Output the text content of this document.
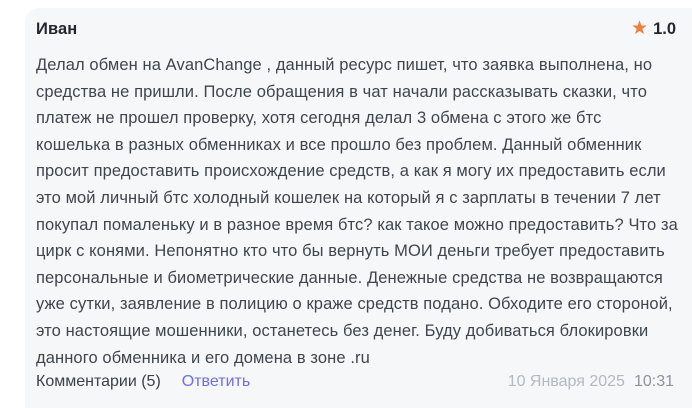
Иван	★ 1.0
Делал обмен на AvanChange , данный ресурс пишет, что заявка выполнена, но средства не пришли. После обращения в чат начали рассказывать сказки, что платеж не прошел проверку, хотя сегодня делал 3 обмена с этого же бтс кошелька в разных обменниках и все прошло без проблем. Данный обменник просит предоставить происхождение средств, а как я могу их предоставить если это мой личный бтс холодный кошелек на который я с зарплаты в течении 7 лет покупал помаленьку и в разное время бтс? как такое можно предоставить? Что за цирк с конями. Непонятно кто что бы вернуть МОИ деньги требует предоставить персональные и биометрические данные. Денежные средства не возвращаются уже сутки, заявление в полицию о краже средств подано. Обходите его стороной, это настоящие мошенники, останетесь без денег. Буду добиваться блокировки данного обменника и его домена в зоне .ru
Комментарии (5) Ответить	10 Января 2025 10:31
